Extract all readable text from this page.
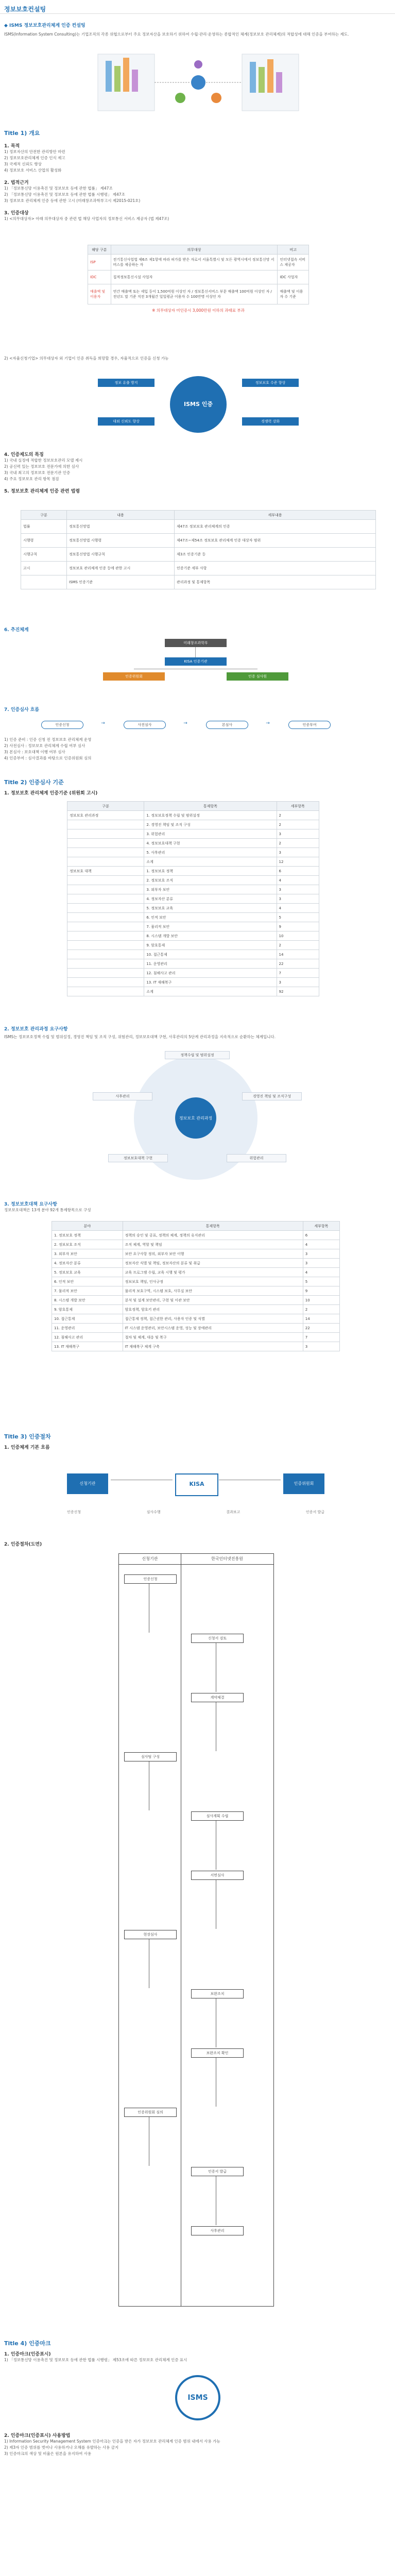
정보보호컨설팅
◆ ISMS 정보보호관리체계 인증 컨설팅
ISMS(Information System Consulting)는 기업조직의 각종 위협으로부터 주요 정보자산을 보호하기 위하여 수립·관리·운영하는 종합적인 체계(정보보호 관리체계)의 적합성에 대해 인증을 부여하는 제도.
Title 1) 개요
1. 목적
1) 정보자산의 안전한 관리방안 마련
2) 정보보호관리체계 인증 인식 제고
3) 국제적 신뢰도 향상
4) 정보보호 서비스 산업의 활성화
2. 법적근거
1) 「정보통신망 이용촉진 및 정보보호 등에 관한 법률」 제47조
2) 「정보통신망 이용촉진 및 정보보호 등에 관한 법률 시행령」 제47조
3) 정보보호 관리체계 인증 등에 관한 고시 (미래창조과학부고시 제2015-021호)
3. 인증대상
1) <의무대상자> 아래 의무대상자 중 관련 법 해당 사업자의 정보통신 서비스 제공자 (법 제47조)
해당 구분	의무대상	비고
ISP	전기통신사업법 제6조 제1항에 따라 허가를 받은 자로서 서울특별시 및 모든 광역시에서 정보통신망 서비스를 제공하는 자	인터넷접속 서비스 제공자
IDC	집적정보통신시설 사업자	IDC 사업자
매출액 및 이용자	연간 매출액 또는 세입 등이 1,500억원 이상인 자 / 정보통신서비스 부문 매출액 100억원 이상인 자 / 전년도 말 기준 직전 3개월간 일일평균 이용자 수 100만명 이상인 자	매출액 및 이용자 수 기준
※ 의무대상자 미인증시 3,000만원 이하의 과태료 부과
2) <자율신청기업> 의무대상자 외 기업이 인증 취득을 희망할 경우, 자율적으로 인증을 신청 가능
ISMS 인증
정보 유출 방지
대외 신뢰도 향상
정보보호 수준 향상
경쟁력 강화
4. 인증제도의 특징
1) 국내 실정에 적합한 정보보호관리 모델 제시
2) 공신력 있는 정보보호 전문가에 의한 심사
3) 국내 최고의 정보보호 전문기관 인증
4) 주요 정보보호 관리 항목 점검
5. 정보보호 관리체계 인증 관련 법령
구분	내용	세부내용
법률	정보통신망법	제47조 정보보호 관리체계의 인증
시행령	정보통신망법 시행령	제47조~제54조 정보보호 관리체계 인증 대상자 범위
시행규칙	정보통신망법 시행규칙	제3조 인증기준 등
고시	정보보호 관리체계 인증 등에 관한 고시	인증기준 세부 사항
	ISMS 인증기준	관리과정 및 통제항목
6. 추진체계
미래창조과학부
KISA 인증기관
인증위원회	인증 심사원
7. 인증심사 흐름
인증신청	→	사전심사	→	본심사	→	인증부여
1) 인증 준비 : 인증 신청 전 정보보호 관리체계 운영
2) 사전심사 : 정보보호 관리체계 수립 여부 심사
3) 본심사 : 보호대책 이행 여부 심사
4) 인증부여 : 심사결과를 바탕으로 인증위원회 심의
Title 2) 인증심사 기준
1. 정보보호 관리체계 인증기준 (위원회 고시)
구분	통제항목	세부항목
정보보호 관리과정	1. 정보보호정책 수립 및 범위설정	2
	2. 경영진 책임 및 조직 구성	2
	3. 위험관리	3
	4. 정보보호대책 구현	2
	5. 사후관리	3
	소계	12
정보보호 대책	1. 정보보호 정책	6
	2. 정보보호 조직	4
	3. 외부자 보안	3
	4. 정보자산 분류	3
	5. 정보보호 교육	4
	6. 인적 보안	5
	7. 물리적 보안	9
	8. 시스템 개발 보안	10
	9. 암호통제	2
	10. 접근통제	14
	11. 운영관리	22
	12. 침해사고 관리	7
	13. IT 재해복구	3
	소계	92
2. 정보보호 관리과정 요구사항
ISMS는 정보보호정책 수립 및 범위설정, 경영진 책임 및 조직 구성, 위험관리, 정보보호대책 구현, 사후관리의 5단계 관리과정을 지속적으로 순환하는 체계입니다.
정보보호 관리과정
정책수립 및 범위설정
경영진 책임 및 조직구성
위험관리
정보보호대책 구현
사후관리
3. 정보보호대책 요구사항
정보보호대책은 13개 분야 92개 통제항목으로 구성
분야	통제항목	세부항목
1. 정보보호 정책	정책의 승인 및 공표, 정책의 체계, 정책의 유지관리	6
2. 정보보호 조직	조직 체계, 역할 및 책임	4
3. 외부자 보안	보안 요구사항 정의, 외부자 보안 이행	3
4. 정보자산 분류	정보자산 식별 및 책임, 정보자산의 분류 및 취급	3
5. 정보보호 교육	교육 프로그램 수립, 교육 시행 및 평가	4
6. 인적 보안	정보보호 책임, 인사규정	5
7. 물리적 보안	물리적 보호구역, 시스템 보호, 사무실 보안	9
8. 시스템 개발 보안	분석 및 설계 보안관리, 구현 및 이관 보안	10
9. 암호통제	암호정책, 암호키 관리	2
10. 접근통제	접근통제 정책, 접근권한 관리, 사용자 인증 및 식별	14
11. 운영관리	IT 시스템 운영관리, 보안시스템 운영, 성능 및 장애관리	22
12. 침해사고 관리	절차 및 체계, 대응 및 복구	7
13. IT 재해복구	IT 재해복구 체계 구축	3
Title 3) 인증절차
1. 인증체계 기본 흐름
신청기관	KISA	인증위원회
인증신청	심사수행	결과보고	인증서 발급
2. 인증절차(도면)
신청기관	한국인터넷진흥원
인증신청
신청서 검토
계약체결
심사팀 구성
심사계획 수립
서면심사
현장심사
보완조치
보완조치 확인
인증위원회 심의
인증서 발급
사후관리
Title 4) 인증마크
1. 인증마크(인증표시)
1) 「정보통신망 이용촉진 및 정보보호 등에 관한 법률 시행령」 제53조에 따른 정보보호 관리체계 인증 표시
ISMS
2. 인증마크(인증표시) 사용방법
1) Information Security Management System 인증마크는 인증을 받은 자가 정보보호 관리체계 인증 범위 내에서 사용 가능
2) 제3자 인증 범위를 벗어나 사용하거나 오해를 유발하는 사용 금지
3) 인증마크의 색상 및 비율은 원본을 유지하여 사용
